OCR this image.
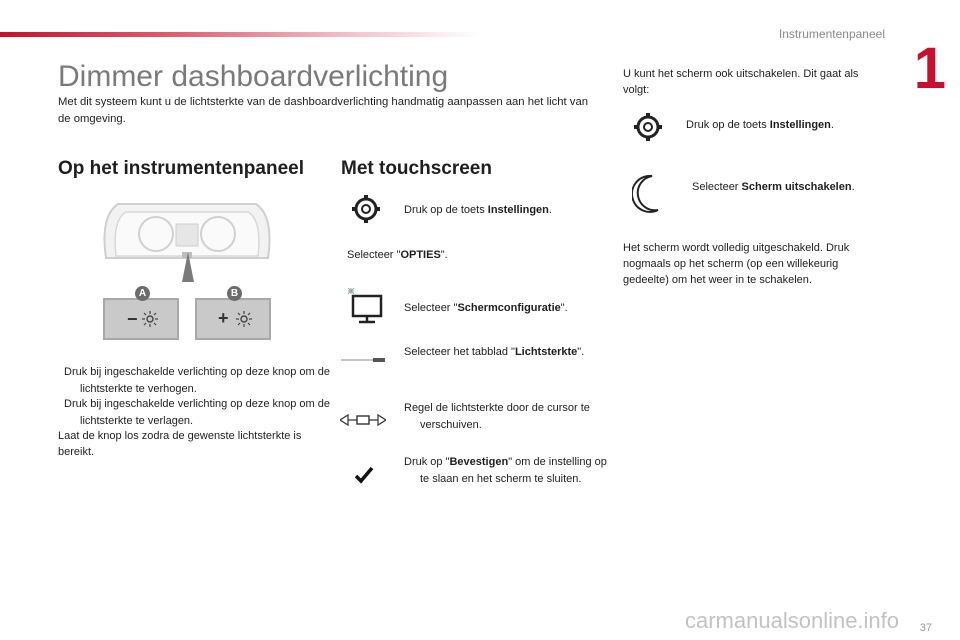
Instrumentenpaneel
1
Dimmer dashboardverlichting
Met dit systeem kunt u de lichtsterkte van de dashboardverlichting handmatig aanpassen aan het licht van de omgeving.
Op het instrumentenpaneel
A
−
B
+
Druk bij ingeschakelde verlichting op deze knop om de lichtsterkte te verhogen.
Druk bij ingeschakelde verlichting op deze knop om de lichtsterkte te verlagen.
Laat de knop los zodra de gewenste lichtsterkte is bereikt.
Met touchscreen
Druk op de toets Instellingen.
Selecteer "OPTIES".
Selecteer "Schermconfiguratie".
Selecteer het tabblad "Lichtsterkte".
Regel de lichtsterkte door de cursor te verschuiven.
Druk op "Bevestigen" om de instelling op te slaan en het scherm te sluiten.
U kunt het scherm ook uitschakelen. Dit gaat als volgt:
Druk op de toets Instellingen.
Selecteer Scherm uitschakelen.
Het scherm wordt volledig uitgeschakeld. Druk nogmaals op het scherm (op een willekeurig gedeelte) om het weer in te schakelen.
37
carmanualsonline.info
